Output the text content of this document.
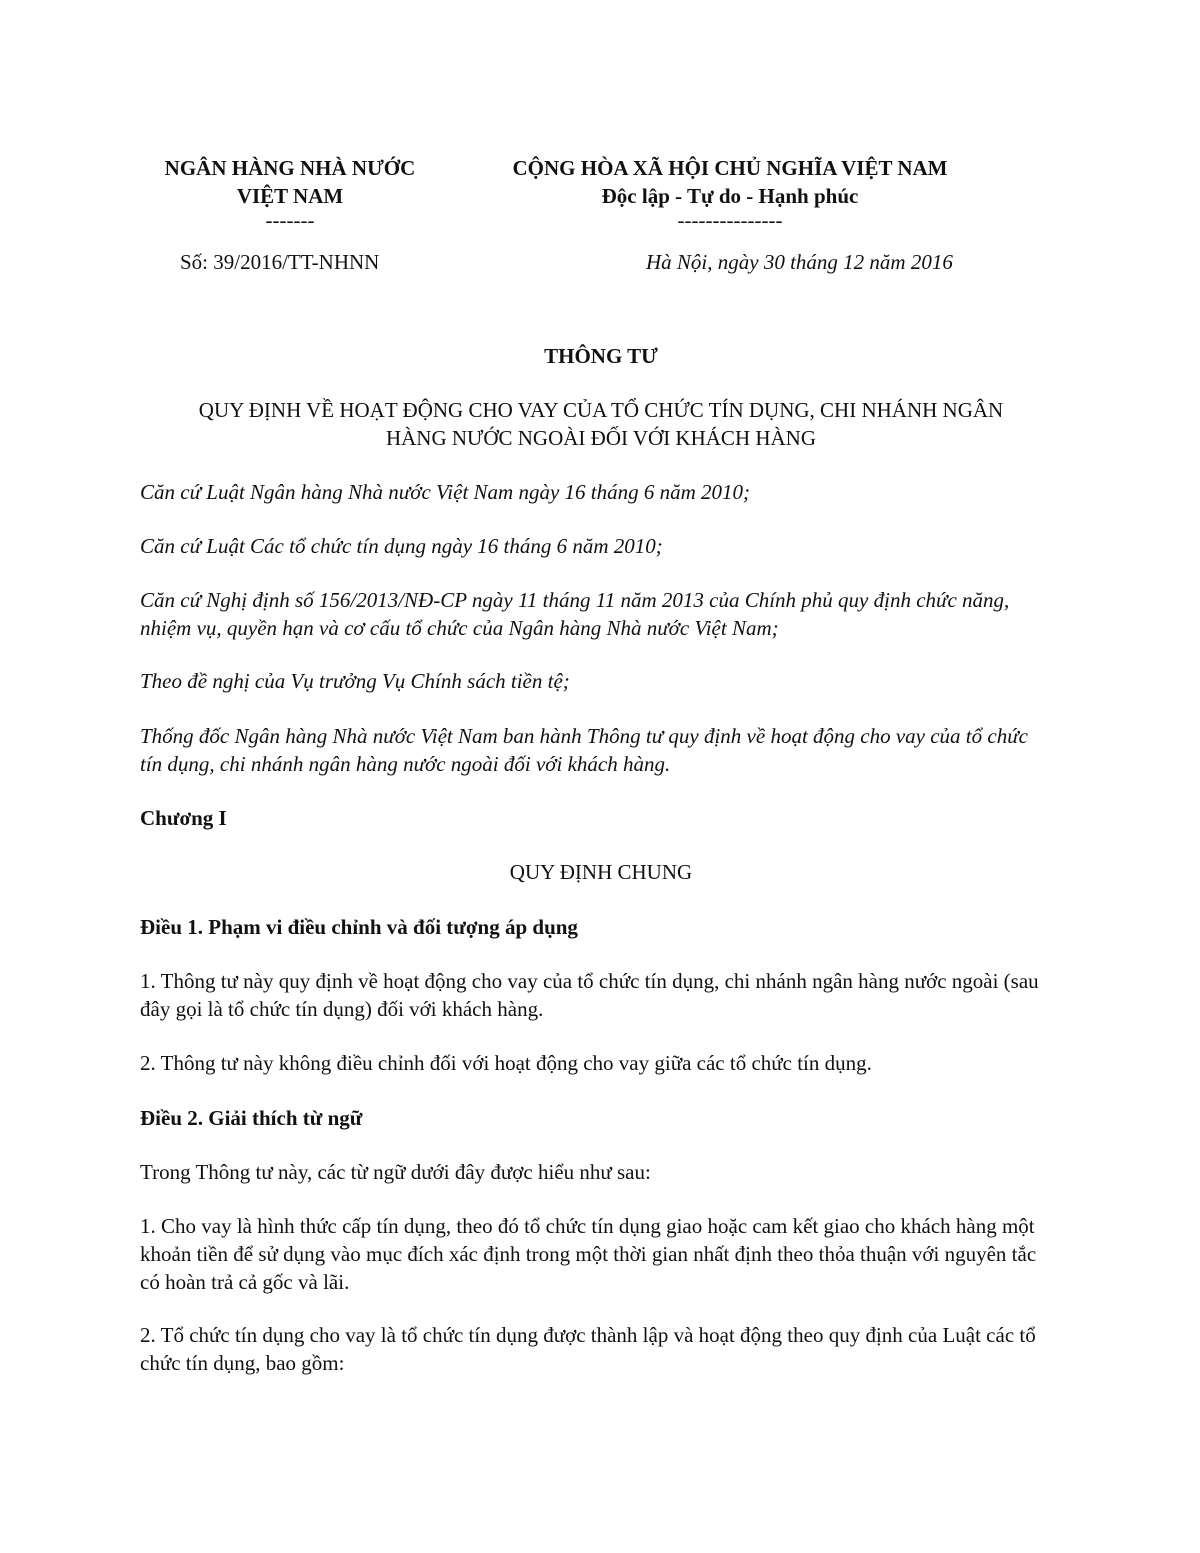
NGÂN HÀNG NHÀ NƯỚC
VIỆT NAM
-------
CỘNG HÒA XÃ HỘI CHỦ NGHĨA VIỆT NAM
Độc lập - Tự do - Hạnh phúc
---------------
Số: 39/2016/TT-NHNN	Hà Nội, ngày 30 tháng 12 năm 2016
THÔNG TƯ
QUY ĐỊNH VỀ HOẠT ĐỘNG CHO VAY CỦA TỔ CHỨC TÍN DỤNG, CHI NHÁNH NGÂN
HÀNG NƯỚC NGOÀI ĐỐI VỚI KHÁCH HÀNG
Căn cứ Luật Ngân hàng Nhà nước Việt Nam ngày 16 tháng 6 năm 2010;
Căn cứ Luật Các tổ chức tín dụng ngày 16 tháng 6 năm 2010;
Căn cứ Nghị định số 156/2013/NĐ-CP ngày 11 tháng 11 năm 2013 của Chính phủ quy định chức năng, nhiệm vụ, quyền hạn và cơ cấu tổ chức của Ngân hàng Nhà nước Việt Nam;
Theo đề nghị của Vụ trưởng Vụ Chính sách tiền tệ;
Thống đốc Ngân hàng Nhà nước Việt Nam ban hành Thông tư quy định về hoạt động cho vay của tổ chức tín dụng, chi nhánh ngân hàng nước ngoài đối với khách hàng.
Chương I
QUY ĐỊNH CHUNG
Điều 1. Phạm vi điều chỉnh và đối tượng áp dụng
1. Thông tư này quy định về hoạt động cho vay của tổ chức tín dụng, chi nhánh ngân hàng nước ngoài (sau đây gọi là tổ chức tín dụng) đối với khách hàng.
2. Thông tư này không điều chỉnh đối với hoạt động cho vay giữa các tổ chức tín dụng.
Điều 2. Giải thích từ ngữ
Trong Thông tư này, các từ ngữ dưới đây được hiểu như sau:
1. Cho vay là hình thức cấp tín dụng, theo đó tổ chức tín dụng giao hoặc cam kết giao cho khách hàng một khoản tiền để sử dụng vào mục đích xác định trong một thời gian nhất định theo thỏa thuận với nguyên tắc có hoàn trả cả gốc và lãi.
2. Tổ chức tín dụng cho vay là tổ chức tín dụng được thành lập và hoạt động theo quy định của Luật các tổ chức tín dụng, bao gồm:
